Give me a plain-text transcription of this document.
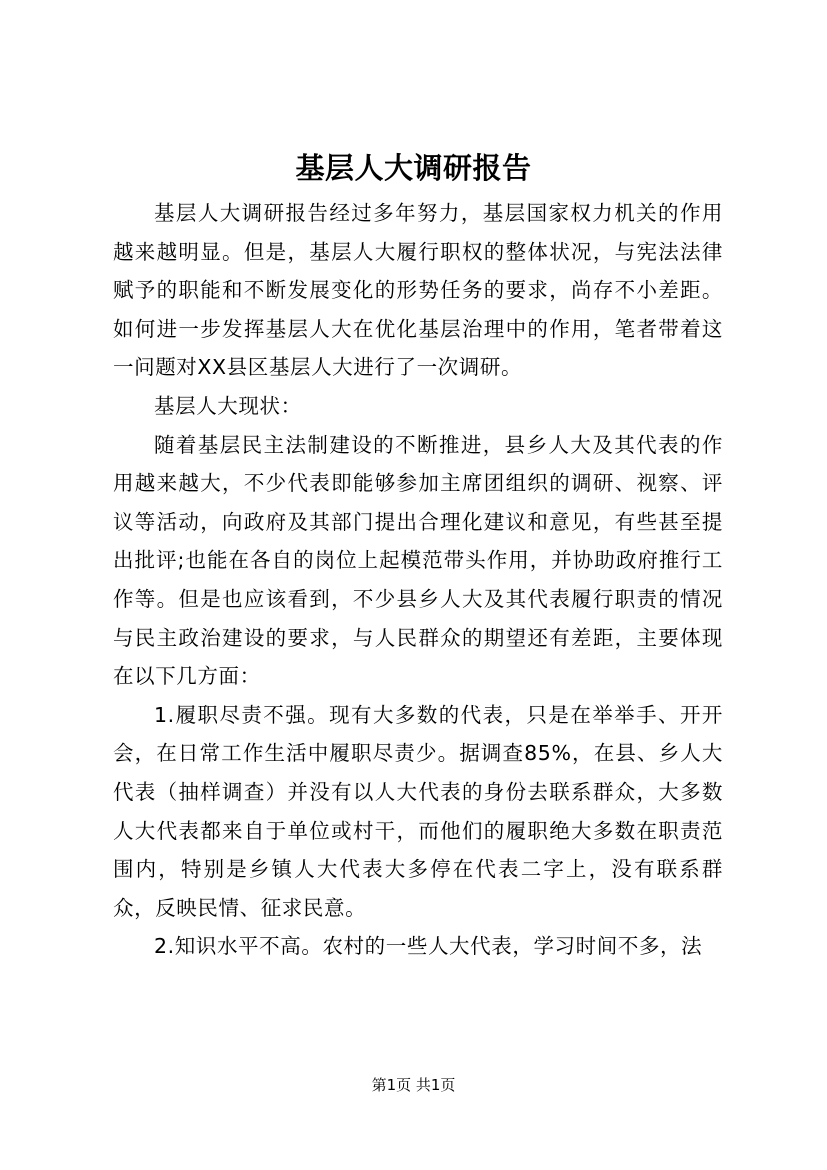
基层人大调研报告

基层人大调研报告经过多年努力，基层国家权力机关的作用越来越明显。但是，基层人大履行职权的整体状况，与宪法法律赋予的职能和不断发展变化的形势任务的要求，尚存不小差距。如何进一步发挥基层人大在优化基层治理中的作用，笔者带着这一问题对XX县区基层人大进行了一次调研。

基层人大现状：

随着基层民主法制建设的不断推进，县乡人大及其代表的作用越来越大，不少代表即能够参加主席团组织的调研、视察、评议等活动，向政府及其部门提出合理化建议和意见，有些甚至提出批评;也能在各自的岗位上起模范带头作用，并协助政府推行工作等。但是也应该看到，不少县乡人大及其代表履行职责的情况与民主政治建设的要求，与人民群众的期望还有差距，主要体现在以下几方面：

1.履职尽责不强。现有大多数的代表，只是在举举手、开开会，在日常工作生活中履职尽责少。据调查85%，在县、乡人大代表（抽样调查）并没有以人大代表的身份去联系群众，大多数人大代表都来自于单位或村干，而他们的履职绝大多数在职责范围内，特别是乡镇人大代表大多停在代表二字上，没有联系群众，反映民情、征求民意。

2.知识水平不高。农村的一些人大代表，学习时间不多，法

第1页 共1页
